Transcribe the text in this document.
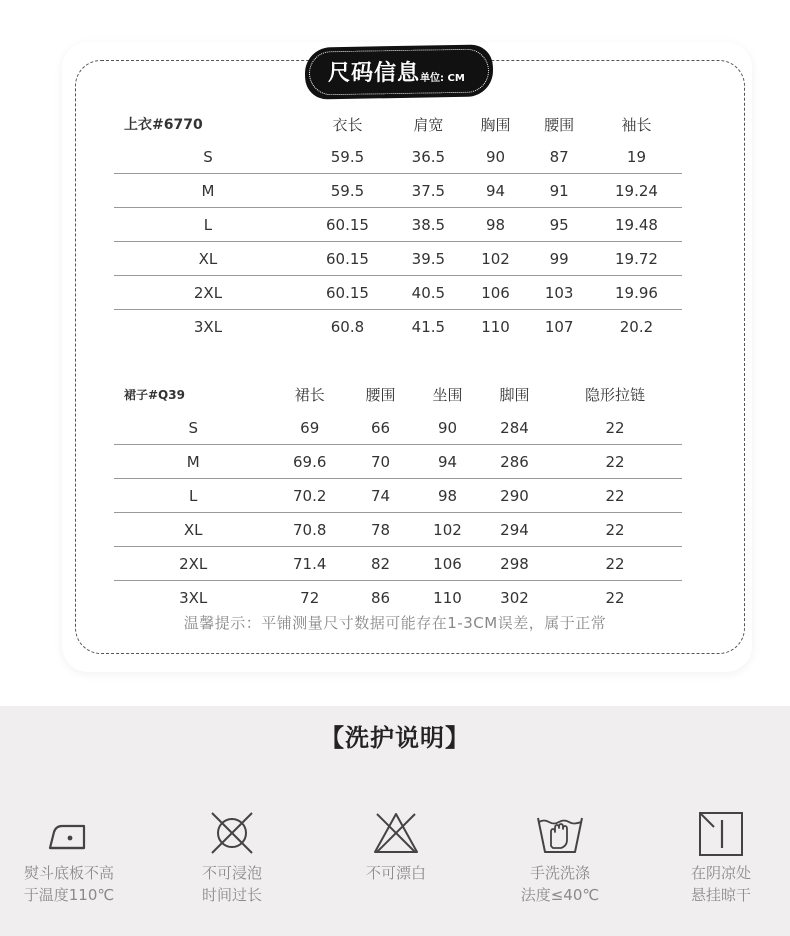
尺码信息 单位: CM
上衣#6770	衣长	肩宽	胸围	腰围	袖长
S	59.5	36.5	90	87	19
M	59.5	37.5	94	91	19.24
L	60.15	38.5	98	95	19.48
XL	60.15	39.5	102	99	19.72
2XL	60.15	40.5	106	103	19.96
3XL	60.8	41.5	110	107	20.2
裙子#Q39	裙长	腰围	坐围	脚围	隐形拉链
S	69	66	90	284	22
M	69.6	70	94	286	22
L	70.2	74	98	290	22
XL	70.8	78	102	294	22
2XL	71.4	82	106	298	22
3XL	72	86	110	302	22
温馨提示：平铺测量尺寸数据可能存在1-3CM误差，属于正常
【洗护说明】
熨斗底板不高
于温度110℃
不可浸泡
时间过长
不可漂白	手洗洗涤
法度≤40℃
在阴凉处
悬挂晾干
